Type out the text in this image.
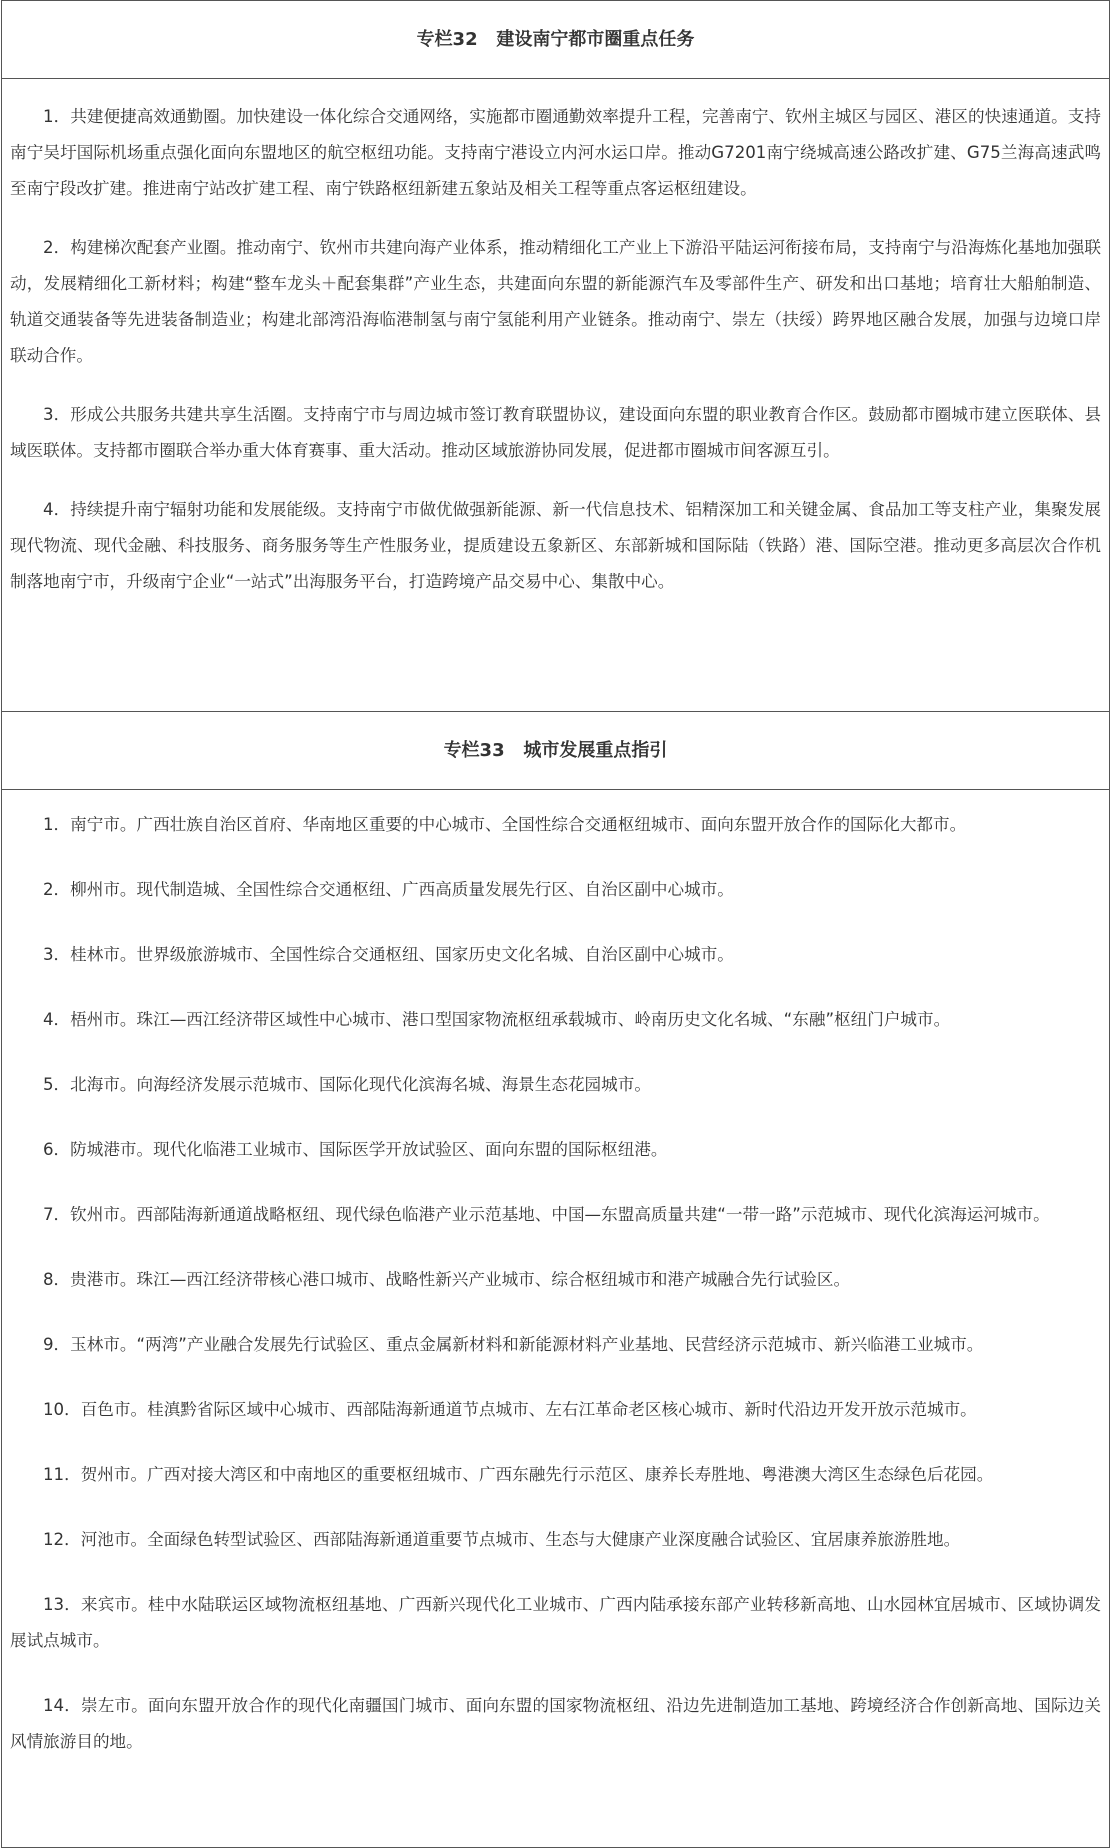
专栏32   建设南宁都市圈重点任务

1．共建便捷高效通勤圈。加快建设一体化综合交通网络，实施都市圈通勤效率提升工程，完善南宁、钦州主城区与园区、港区的快速通道。支持南宁吴圩国际机场重点强化面向东盟地区的航空枢纽功能。支持南宁港设立内河水运口岸。推动G7201南宁绕城高速公路改扩建、G75兰海高速武鸣至南宁段改扩建。推进南宁站改扩建工程、南宁铁路枢纽新建五象站及相关工程等重点客运枢纽建设。

2．构建梯次配套产业圈。推动南宁、钦州市共建向海产业体系，推动精细化工产业上下游沿平陆运河衔接布局，支持南宁与沿海炼化基地加强联动，发展精细化工新材料；构建“整车龙头＋配套集群”产业生态，共建面向东盟的新能源汽车及零部件生产、研发和出口基地；培育壮大船舶制造、轨道交通装备等先进装备制造业；构建北部湾沿海临港制氢与南宁氢能利用产业链条。推动南宁、崇左（扶绥）跨界地区融合发展，加强与边境口岸联动合作。

3．形成公共服务共建共享生活圈。支持南宁市与周边城市签订教育联盟协议，建设面向东盟的职业教育合作区。鼓励都市圈城市建立医联体、县域医联体。支持都市圈联合举办重大体育赛事、重大活动。推动区域旅游协同发展，促进都市圈城市间客源互引。

4．持续提升南宁辐射功能和发展能级。支持南宁市做优做强新能源、新一代信息技术、铝精深加工和关键金属、食品加工等支柱产业，集聚发展现代物流、现代金融、科技服务、商务服务等生产性服务业，提质建设五象新区、东部新城和国际陆（铁路）港、国际空港。推动更多高层次合作机制落地南宁市，升级南宁企业“一站式”出海服务平台，打造跨境产品交易中心、集散中心。

专栏33   城市发展重点指引

1．南宁市。广西壮族自治区首府、华南地区重要的中心城市、全国性综合交通枢纽城市、面向东盟开放合作的国际化大都市。

2．柳州市。现代制造城、全国性综合交通枢纽、广西高质量发展先行区、自治区副中心城市。

3．桂林市。世界级旅游城市、全国性综合交通枢纽、国家历史文化名城、自治区副中心城市。

4．梧州市。珠江—西江经济带区域性中心城市、港口型国家物流枢纽承载城市、岭南历史文化名城、“东融”枢纽门户城市。

5．北海市。向海经济发展示范城市、国际化现代化滨海名城、海景生态花园城市。

6．防城港市。现代化临港工业城市、国际医学开放试验区、面向东盟的国际枢纽港。

7．钦州市。西部陆海新通道战略枢纽、现代绿色临港产业示范基地、中国—东盟高质量共建“一带一路”示范城市、现代化滨海运河城市。

8．贵港市。珠江—西江经济带核心港口城市、战略性新兴产业城市、综合枢纽城市和港产城融合先行试验区。

9．玉林市。“两湾”产业融合发展先行试验区、重点金属新材料和新能源材料产业基地、民营经济示范城市、新兴临港工业城市。

10．百色市。桂滇黔省际区域中心城市、西部陆海新通道节点城市、左右江革命老区核心城市、新时代沿边开发开放示范城市。

11．贺州市。广西对接大湾区和中南地区的重要枢纽城市、广西东融先行示范区、康养长寿胜地、粤港澳大湾区生态绿色后花园。

12．河池市。全面绿色转型试验区、西部陆海新通道重要节点城市、生态与大健康产业深度融合试验区、宜居康养旅游胜地。

13．来宾市。桂中水陆联运区域物流枢纽基地、广西新兴现代化工业城市、广西内陆承接东部产业转移新高地、山水园林宜居城市、区域协调发展试点城市。

14．崇左市。面向东盟开放合作的现代化南疆国门城市、面向东盟的国家物流枢纽、沿边先进制造加工基地、跨境经济合作创新高地、国际边关风情旅游目的地。
